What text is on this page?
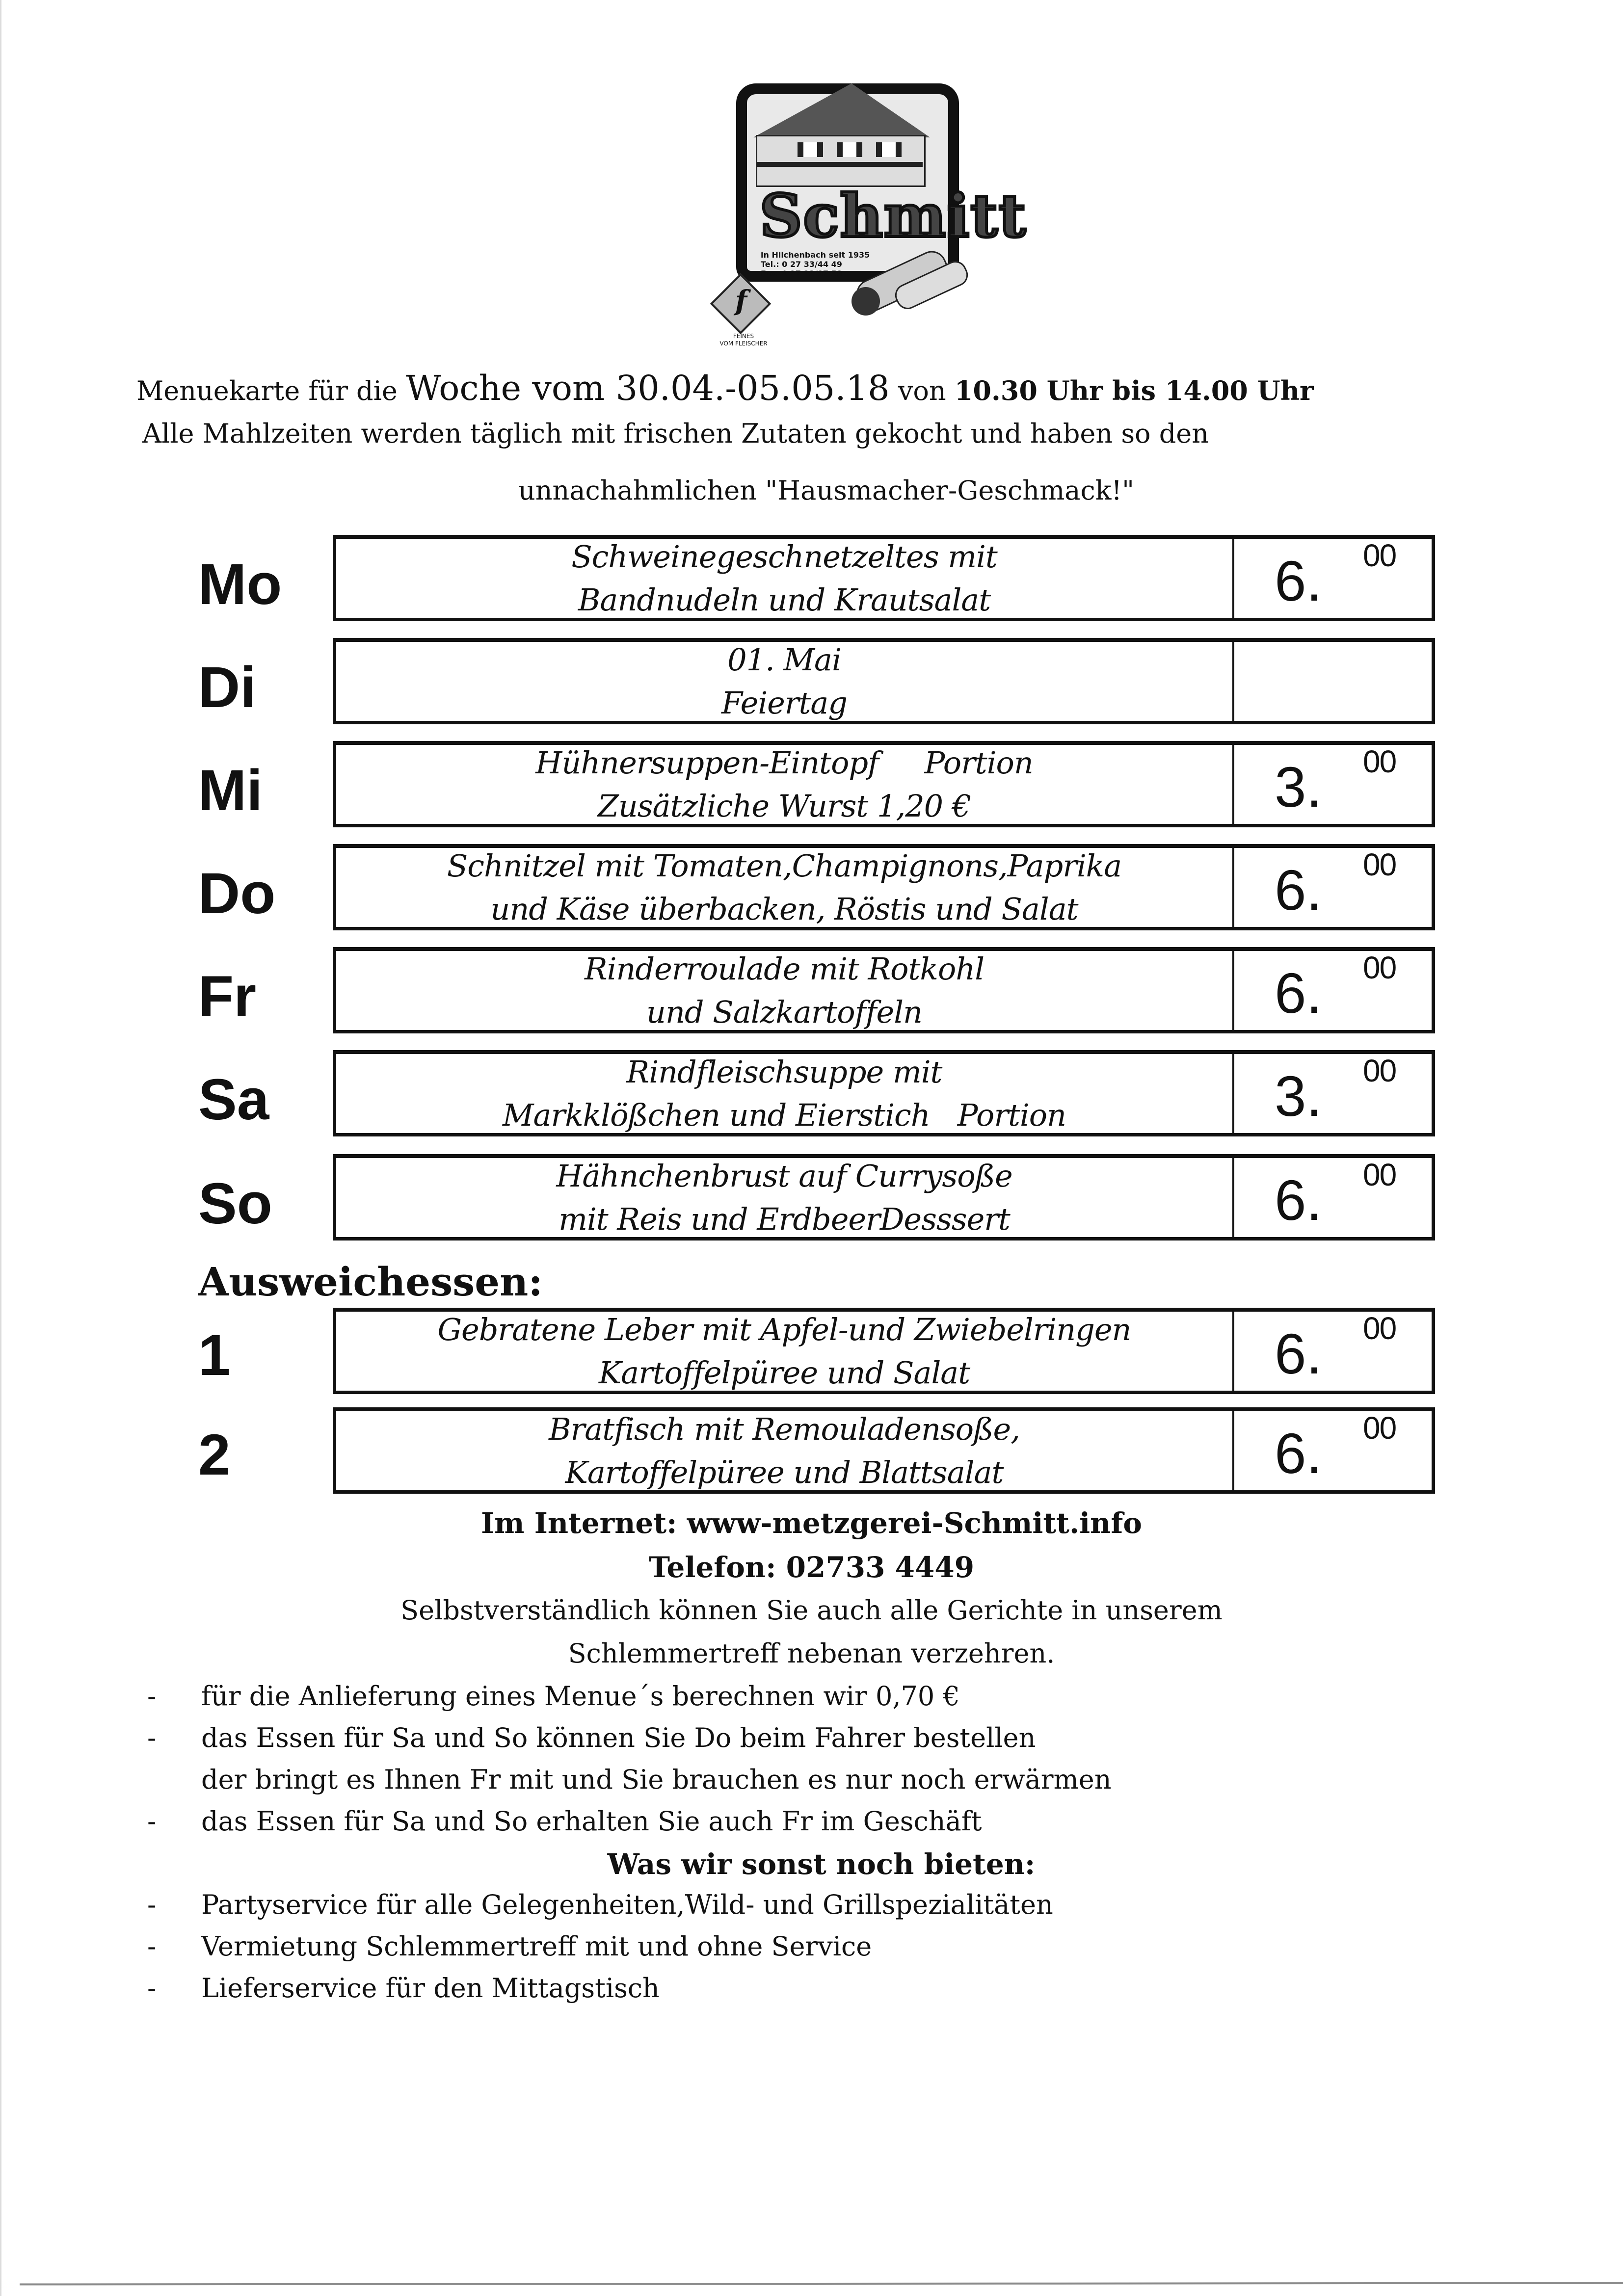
Schmitt
in Hilchenbach seit 1935
Tel.: 0 27 33/44 49
Fax: 0 27 33/87 58
f
FEINES
VOM FLEISCHER
Menuekarte für die Woche vom 30.04.-05.05.18 von 10.30 Uhr bis 14.00 Uhr
Alle Mahlzeiten werden täglich mit frischen Zutaten gekocht und haben so den
unnachahmlichen "Hausmacher-Geschmack!"
Mo	Schweinegeschnetzeltes mit
Bandnudeln und Krautsalat	6. 00
Di	01. Mai
Feiertag
Mi	Hühnersuppen-Eintopf     Portion
Zusätzliche Wurst 1,20 €	3. 00
Do	Schnitzel mit Tomaten,Champignons,Paprika
und Käse überbacken, Röstis und Salat	6. 00
Fr	Rinderroulade mit Rotkohl
und Salzkartoffeln	6. 00
Sa	Rindfleischsuppe mit
Markklößchen und Eierstich   Portion	3. 00
So	Hähnchenbrust auf Currysoße
mit Reis und ErdbeerDesssert	6. 00
Ausweichessen:
1	Gebratene Leber mit Apfel-und Zwiebelringen
Kartoffelpüree und Salat	6. 00
2	Bratfisch mit Remouladensoße,
Kartoffelpüree und Blattsalat	6. 00
Im Internet: www-metzgerei-Schmitt.info
Telefon: 02733 4449
Selbstverständlich können Sie auch alle Gerichte in unserem
Schlemmertreff nebenan verzehren.
- für die Anlieferung eines Menue´s berechnen wir 0,70 €
- das Essen für Sa und So können Sie Do beim Fahrer bestellen
der bringt es Ihnen Fr mit und Sie brauchen es nur noch erwärmen
- das Essen für Sa und So erhalten Sie auch Fr im Geschäft
Was wir sonst noch bieten:
- Partyservice für alle Gelegenheiten,Wild- und Grillspezialitäten
- Vermietung Schlemmertreff mit und ohne Service
- Lieferservice für den Mittagstisch
